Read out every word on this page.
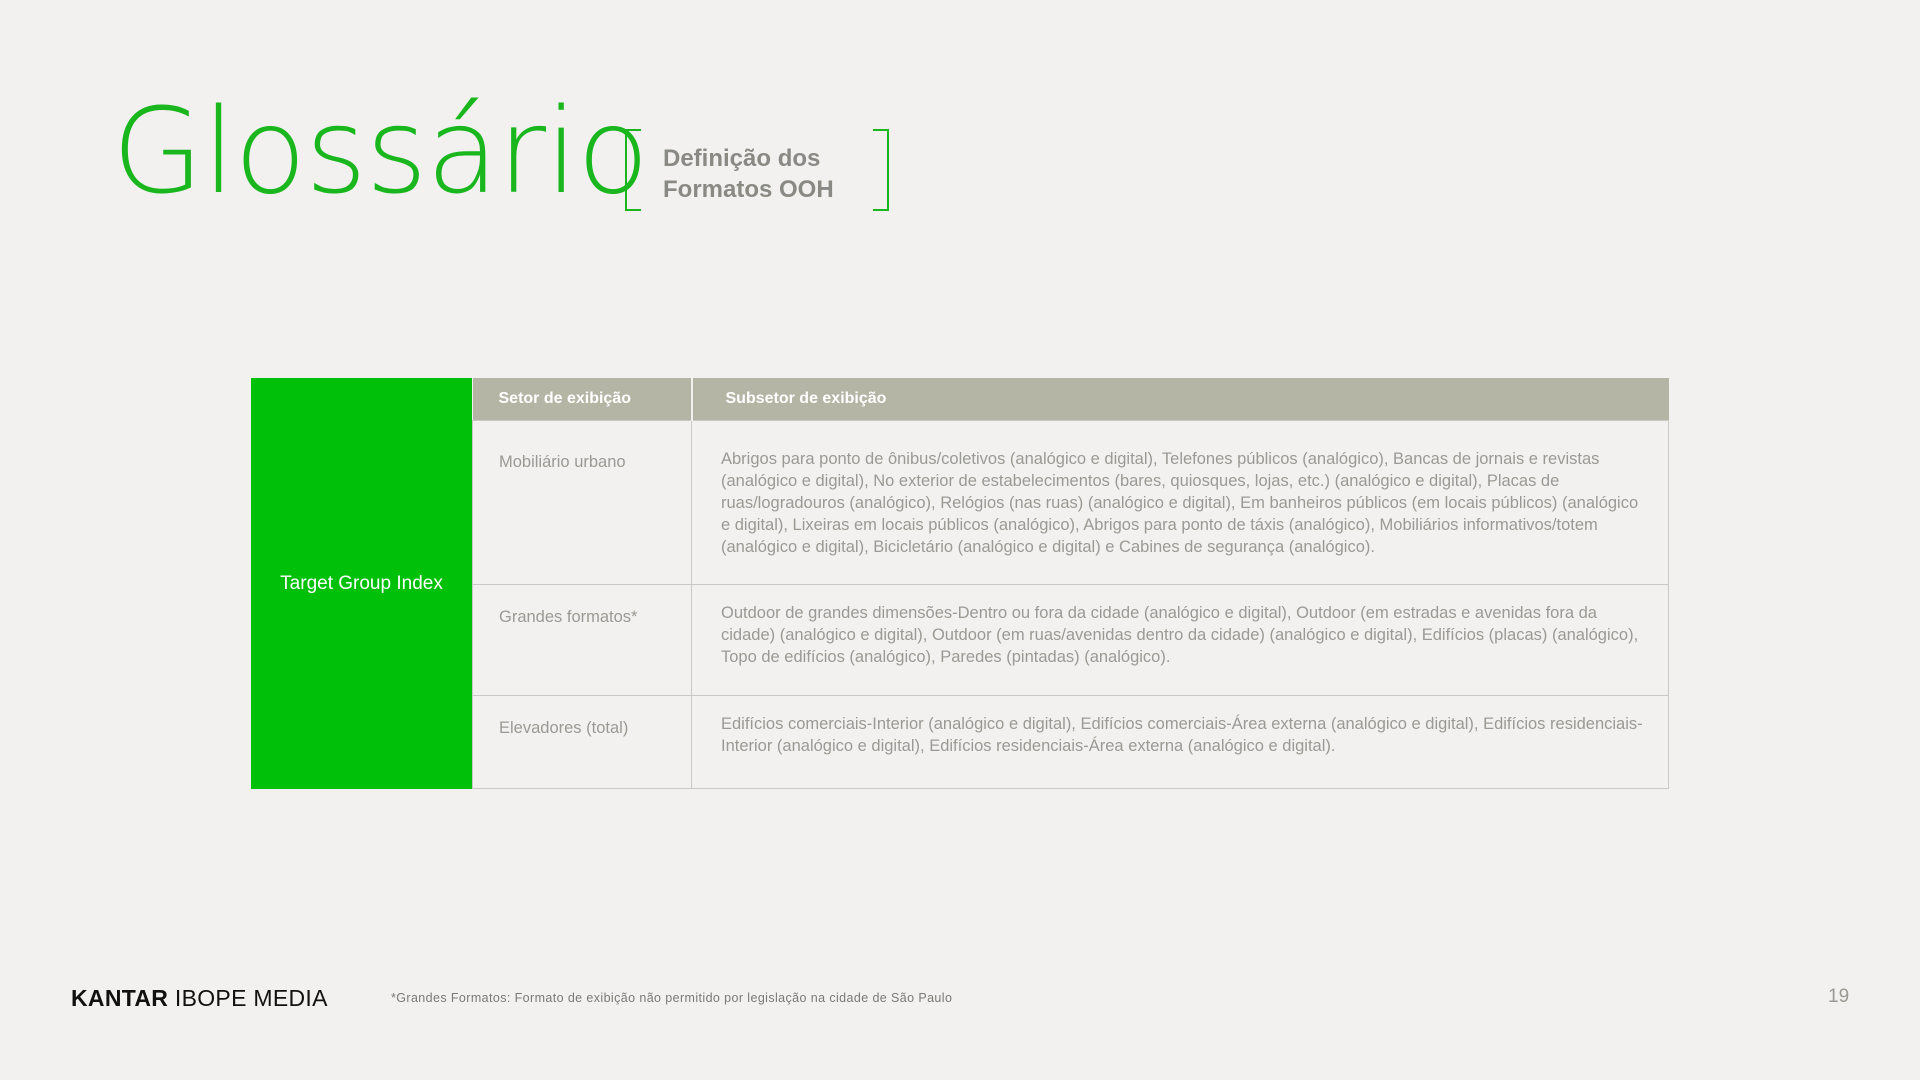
Glossário Definição dos
Formatos OOH
Target Group Index
Setor de exibição	Subsetor de exibição
Mobiliário urbano	Abrigos para ponto de ônibus/coletivos (analógico e digital), Telefones públicos (analógico), Bancas de jornais e revistas (analógico e digital), No exterior de estabelecimentos (bares, quiosques, lojas, etc.) (analógico e digital), Placas de ruas/logradouros (analógico), Relógios (nas ruas) (analógico e digital), Em banheiros públicos (em locais públicos) (analógico e digital), Lixeiras em locais públicos (analógico), Abrigos para ponto de táxis (analógico), Mobiliários informativos/totem (analógico e digital), Bicicletário (analógico e digital) e Cabines de segurança (analógico).
Grandes formatos*	Outdoor de grandes dimensões-Dentro ou fora da cidade (analógico e digital), Outdoor (em estradas e avenidas fora da cidade) (analógico e digital), Outdoor (em ruas/avenidas dentro da cidade) (analógico e digital), Edifícios (placas) (analógico), Topo de edifícios (analógico), Paredes (pintadas) (analógico).
Elevadores (total)	Edifícios comerciais-Interior (analógico e digital), Edifícios comerciais-Área externa (analógico e digital), Edifícios residenciais-Interior (analógico e digital), Edifícios residenciais-Área externa (analógico e digital).
KANTAR IBOPE MEDIA	*Grandes Formatos: Formato de exibição não permitido por legislação na cidade de São Paulo	19
